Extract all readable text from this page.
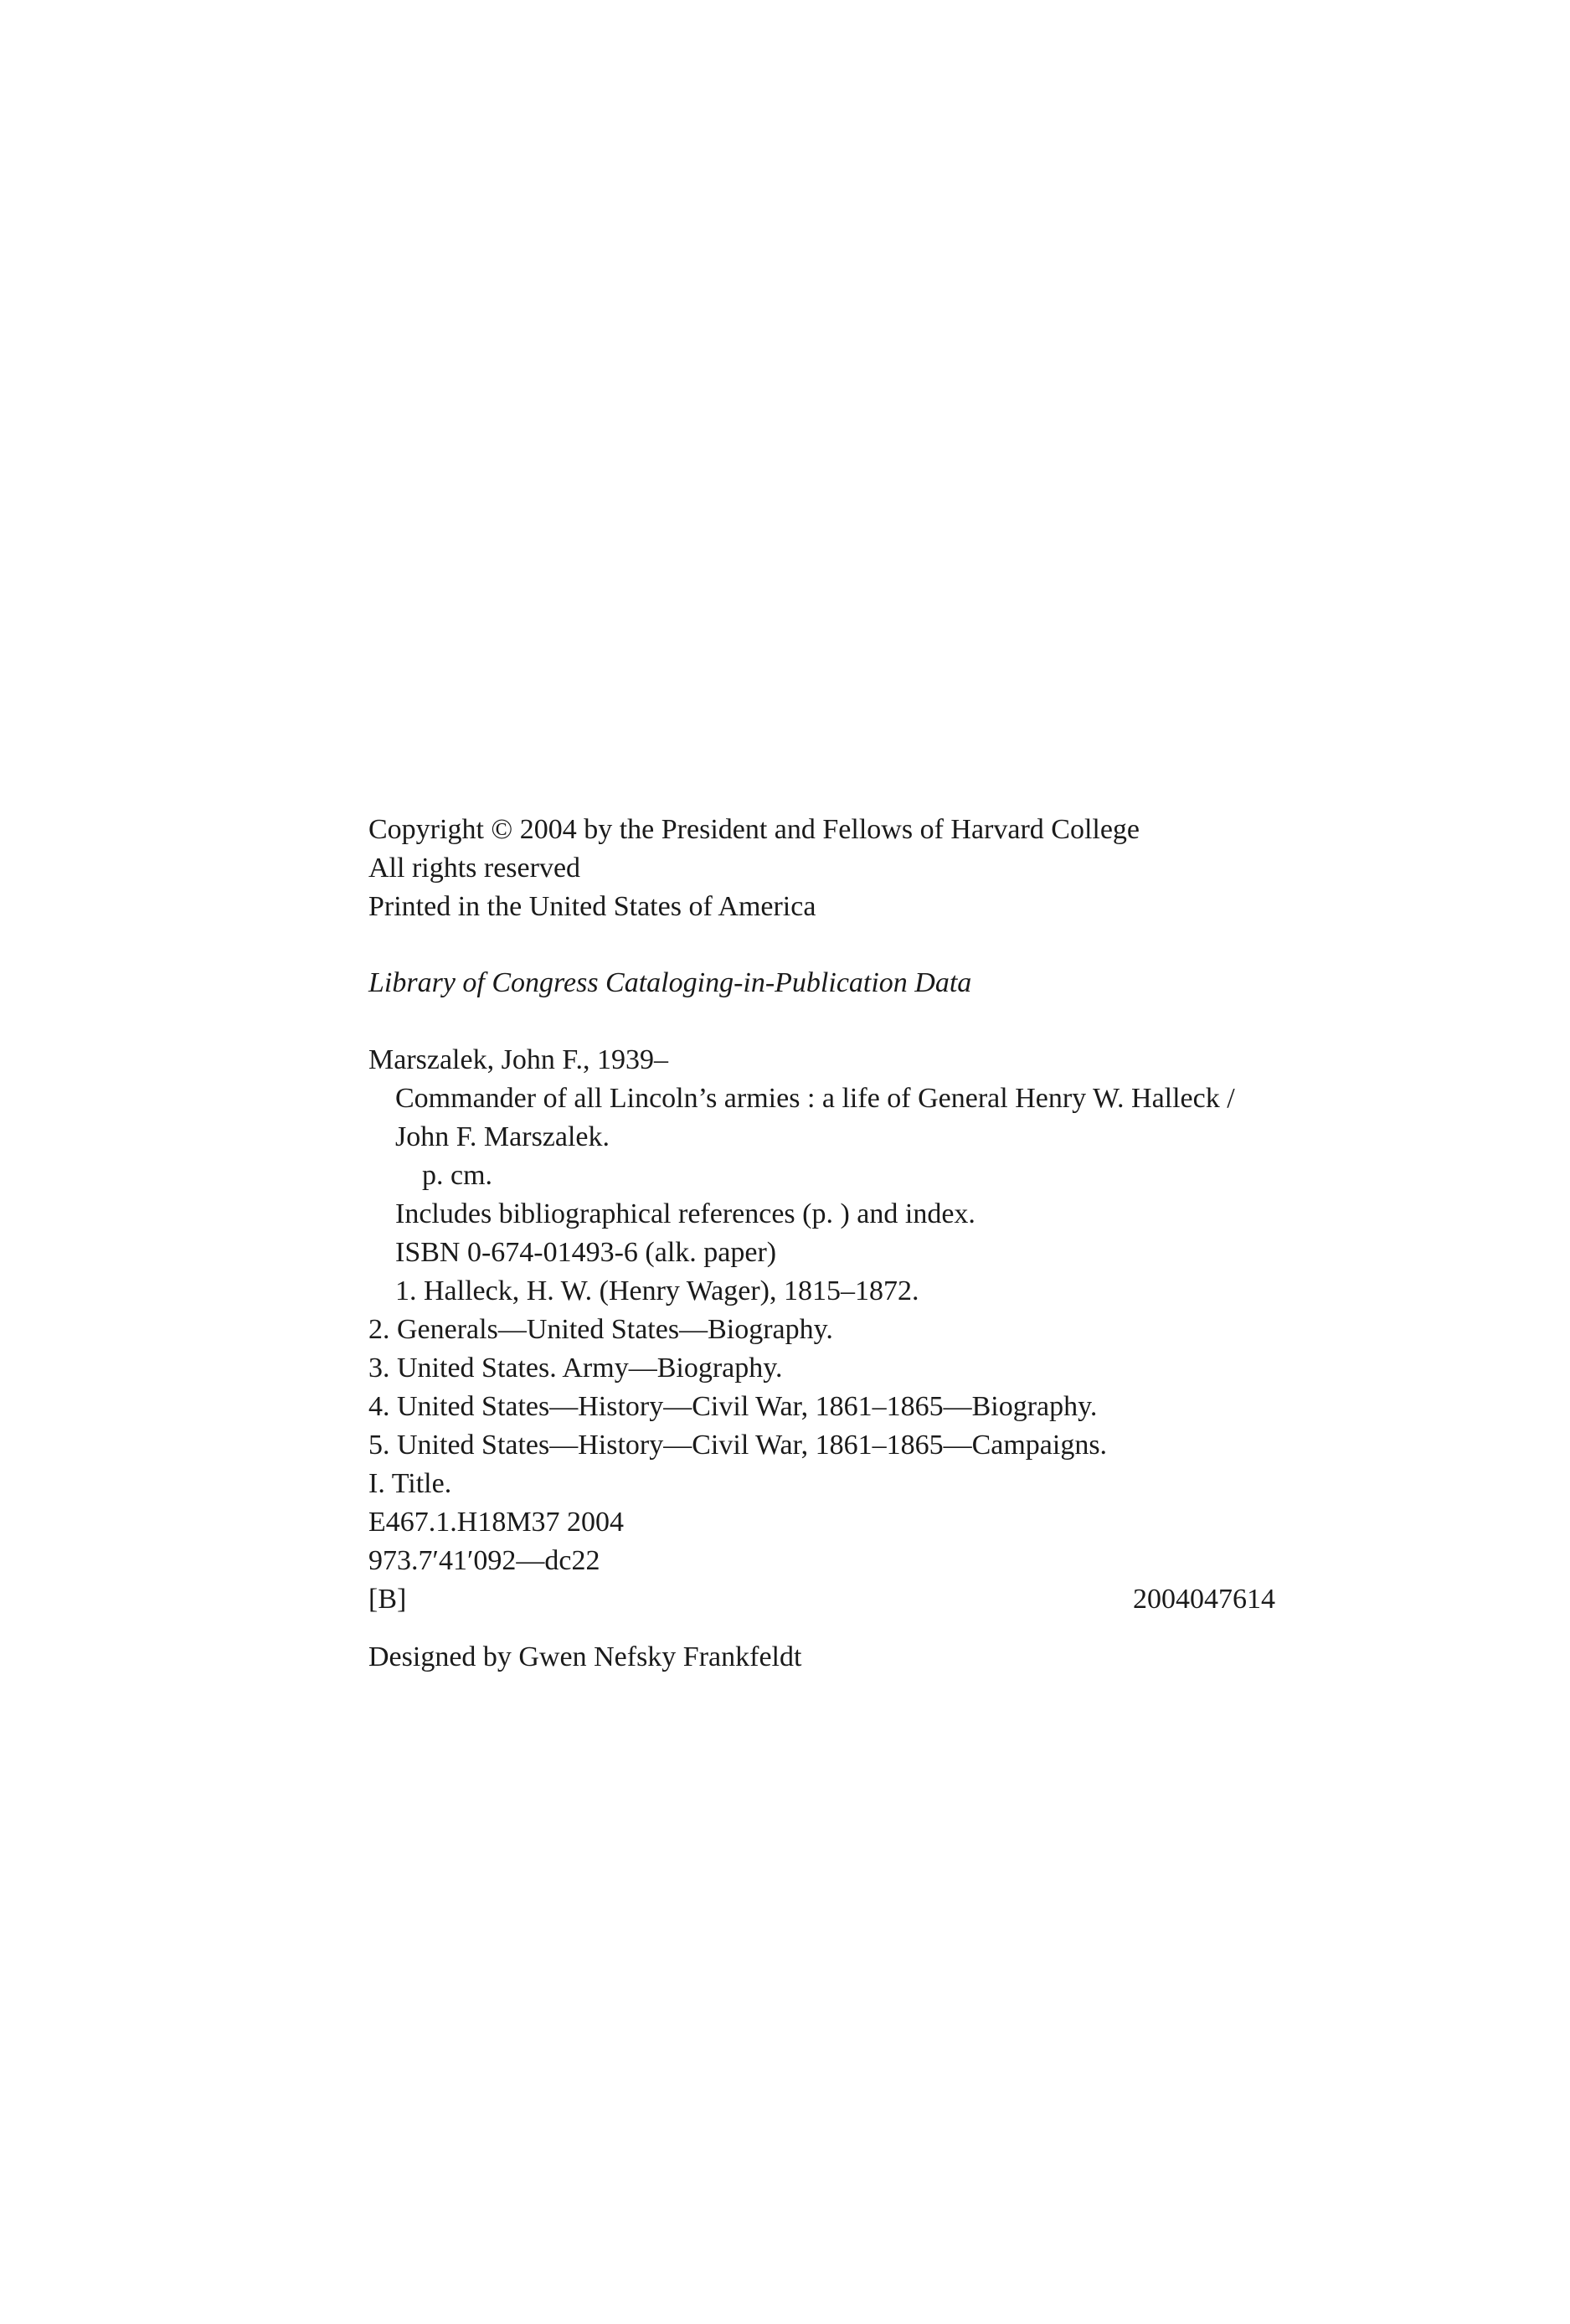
Copyright © 2004 by the President and Fellows of Harvard College
All rights reserved
Printed in the United States of America
Library of Congress Cataloging-in-Publication Data
Marszalek, John F., 1939–
Commander of all Lincoln’s armies : a life of General Henry W. Halleck /
John F. Marszalek.
p. cm.
Includes bibliographical references (p. ) and index.
ISBN 0-674-01493-6 (alk. paper)
1. Halleck, H. W. (Henry Wager), 1815–1872.
2. Generals—United States—Biography.
3. United States. Army—Biography.
4. United States—History—Civil War, 1861–1865—Biography.
5. United States—History—Civil War, 1861–1865—Campaigns.
I. Title.
E467.1.H18M37 2004
973.7′41′092—dc22
[B]	2004047614
Designed by Gwen Nefsky Frankfeldt
